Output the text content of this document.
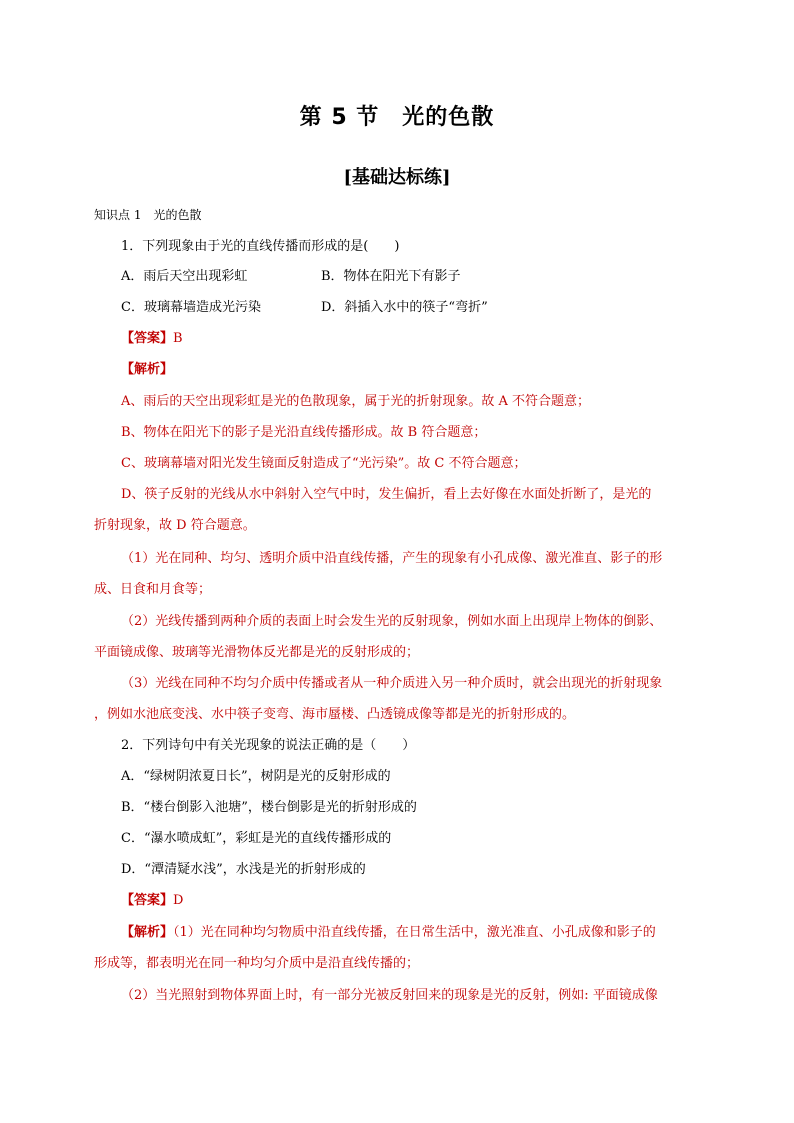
第 5 节　光的色散
[基础达标练]
知识点 1　光的色散
1．下列现象由于光的直线传播而形成的是(　　)
A．雨后天空出现彩虹	B．物体在阳光下有影子
C．玻璃幕墙造成光污染	D．斜插入水中的筷子“弯折”
【答案】B
【解析】
A、雨后的天空出现彩虹是光的色散现象，属于光的折射现象。故 A 不符合题意；
B、物体在阳光下的影子是光沿直线传播形成。故 B 符合题意；
C、玻璃幕墙对阳光发生镜面反射造成了“光污染”。故 C 不符合题意；
D、筷子反射的光线从水中斜射入空气中时，发生偏折，看上去好像在水面处折断了，是光的
折射现象，故 D 符合题意。
（1）光在同种、均匀、透明介质中沿直线传播，产生的现象有小孔成像、激光准直、影子的形
成、日食和月食等；
（2）光线传播到两种介质的表面上时会发生光的反射现象，例如水面上出现岸上物体的倒影、
平面镜成像、玻璃等光滑物体反光都是光的反射形成的；
（3）光线在同种不均匀介质中传播或者从一种介质进入另一种介质时，就会出现光的折射现象
，例如水池底变浅、水中筷子变弯、海市蜃楼、凸透镜成像等都是光的折射形成的。
2．下列诗句中有关光现象的说法正确的是（　　）
A．“绿树阴浓夏日长”，树阴是光的反射形成的
B．“楼台倒影入池塘”，楼台倒影是光的折射形成的
C．“瀑水喷成虹”，彩虹是光的直线传播形成的
D．“潭清疑水浅”，水浅是光的折射形成的
【答案】D
【解析】（1）光在同种均匀物质中沿直线传播，在日常生活中，激光准直、小孔成像和影子的
形成等，都表明光在同一种均匀介质中是沿直线传播的；
（2）当光照射到物体界面上时，有一部分光被反射回来的现象是光的反射，例如: 平面镜成像
